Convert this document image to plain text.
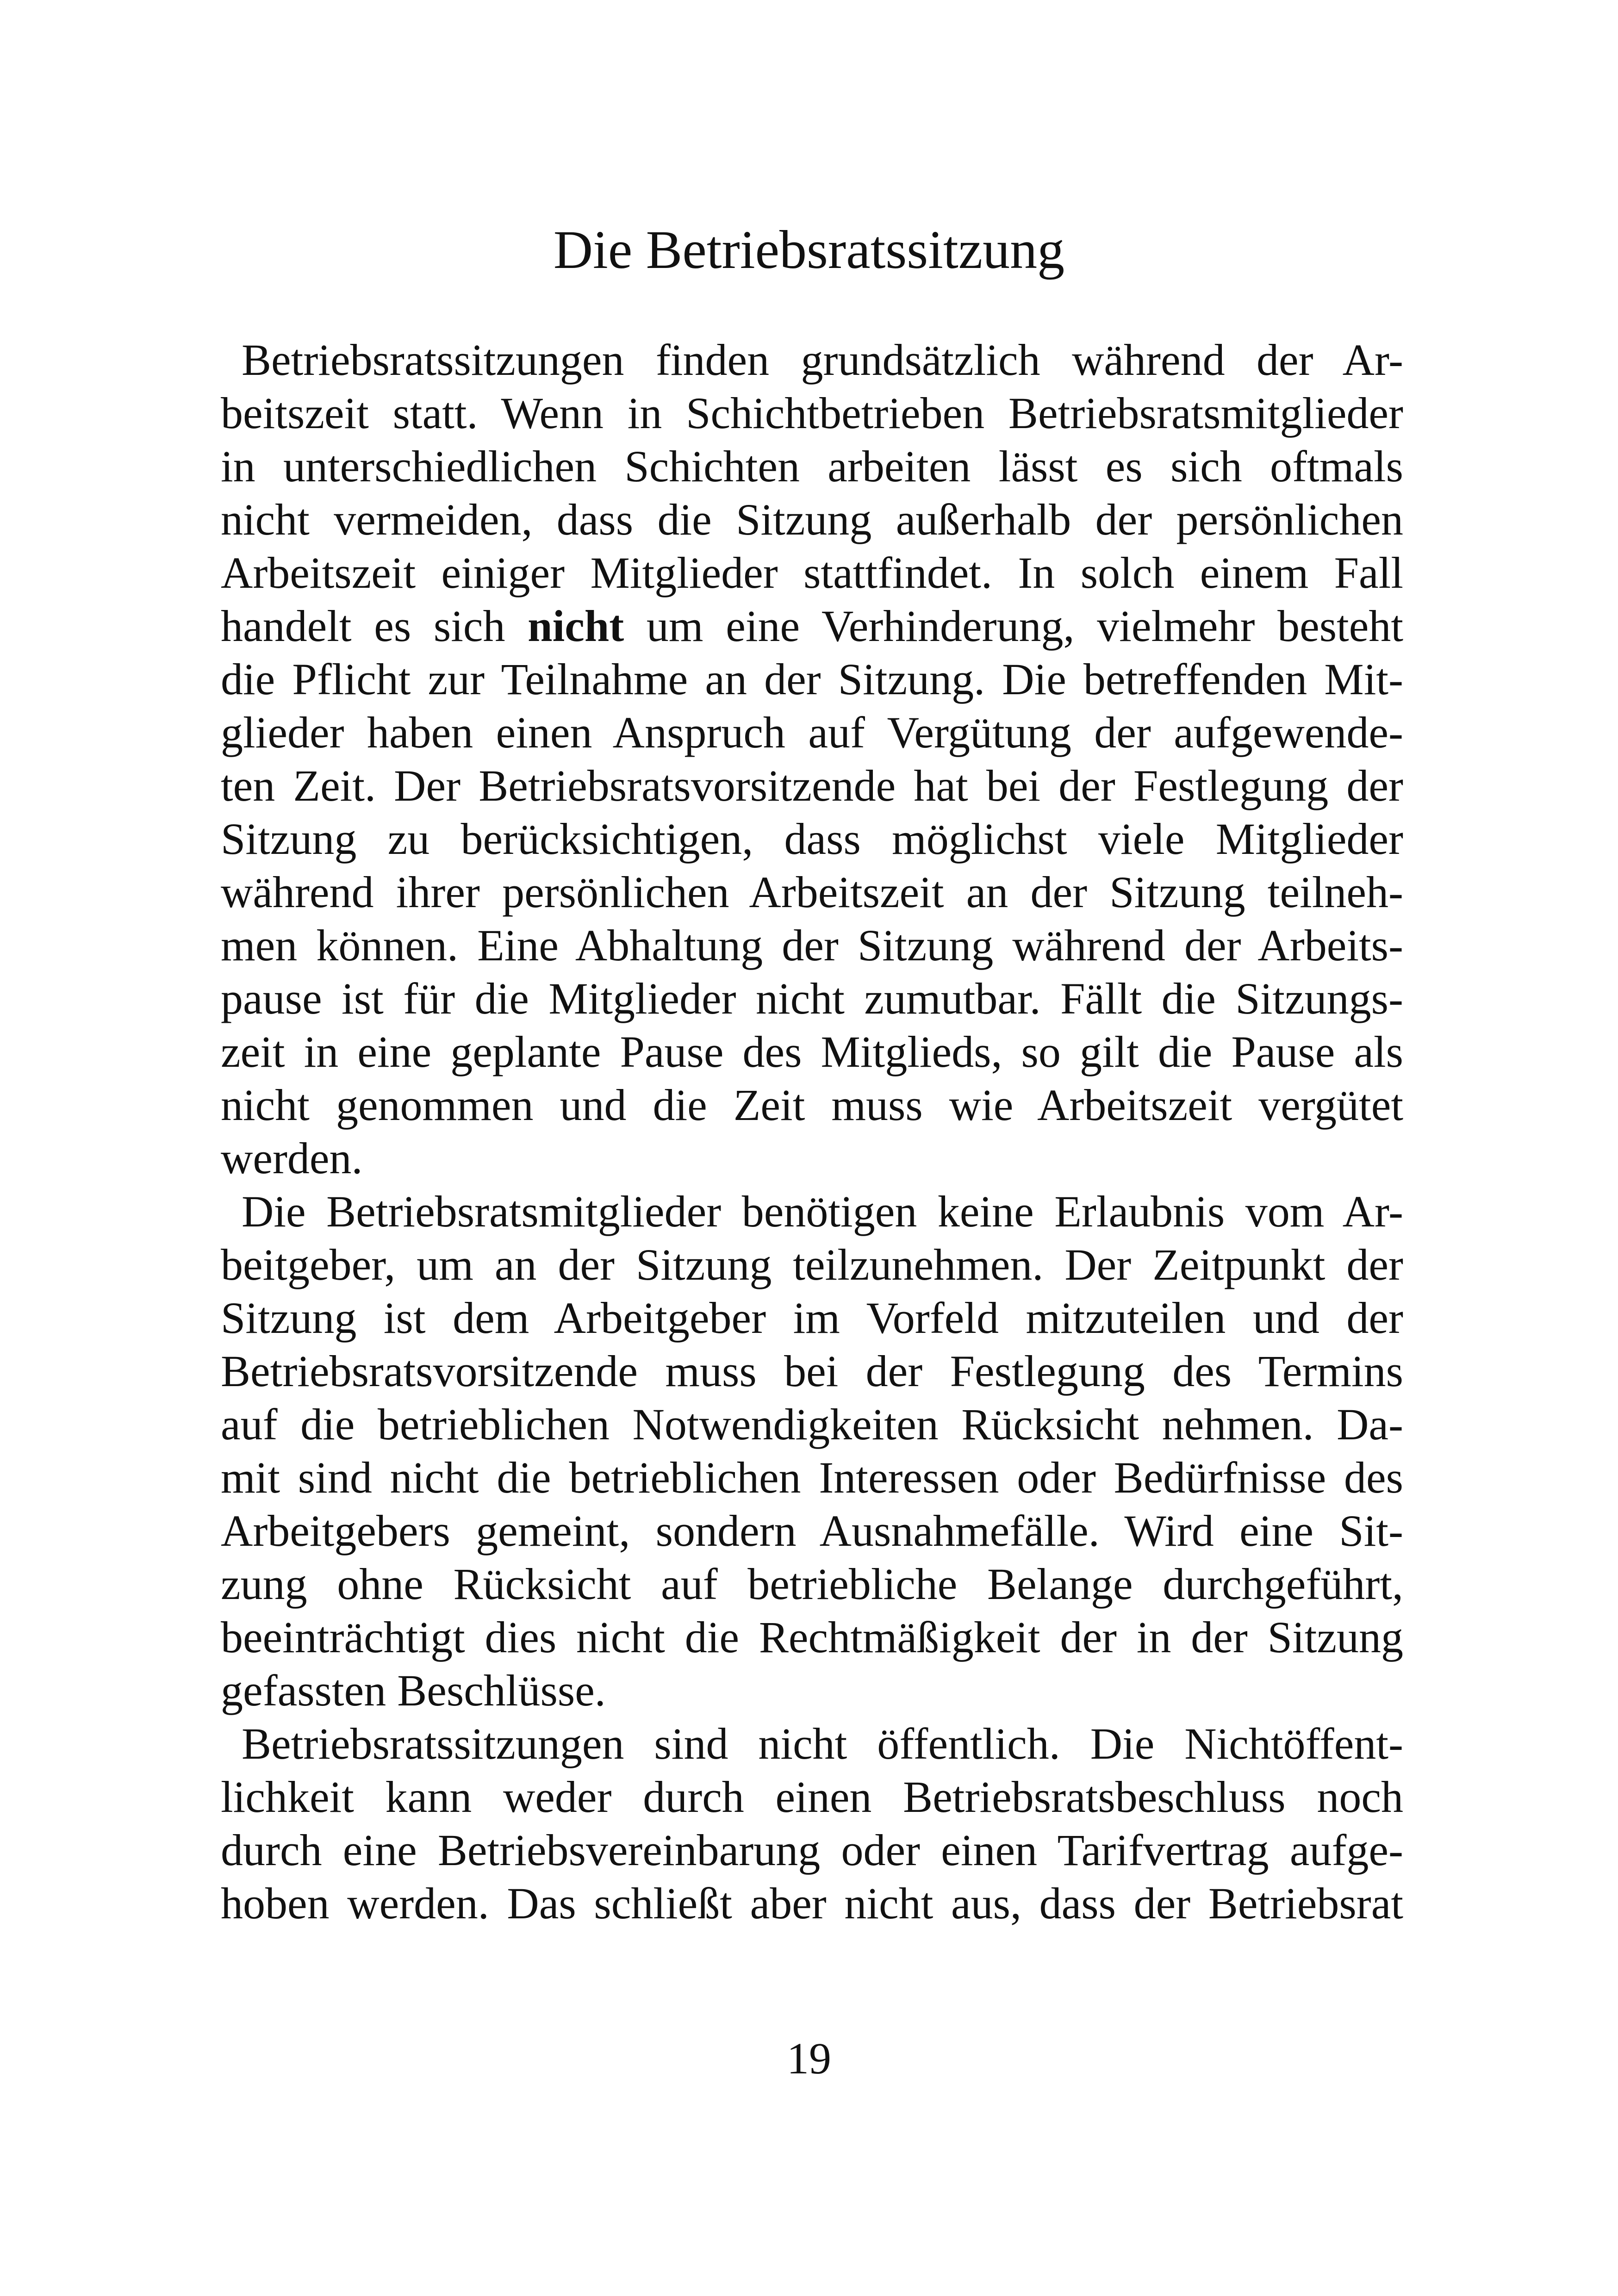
Die Betriebsratssitzung
Betriebsratssitzungen finden grundsätzlich während der Ar-
beitszeit statt. Wenn in Schichtbetrieben Betriebsratsmitglieder
in unterschiedlichen Schichten arbeiten lässt es sich oftmals
nicht vermeiden, dass die Sitzung außerhalb der persönlichen
Arbeitszeit einiger Mitglieder stattfindet. In solch einem Fall
handelt es sich nicht um eine Verhinderung, vielmehr besteht
die Pflicht zur Teilnahme an der Sitzung. Die betreffenden Mit-
glieder haben einen Anspruch auf Vergütung der aufgewende-
ten Zeit. Der Betriebsratsvorsitzende hat bei der Festlegung der
Sitzung zu berücksichtigen, dass möglichst viele Mitglieder
während ihrer persönlichen Arbeitszeit an der Sitzung teilneh-
men können. Eine Abhaltung der Sitzung während der Arbeits-
pause ist für die Mitglieder nicht zumutbar. Fällt die Sitzungs-
zeit in eine geplante Pause des Mitglieds, so gilt die Pause als
nicht genommen und die Zeit muss wie Arbeitszeit vergütet
werden.
Die Betriebsratsmitglieder benötigen keine Erlaubnis vom Ar-
beitgeber, um an der Sitzung teilzunehmen. Der Zeitpunkt der
Sitzung ist dem Arbeitgeber im Vorfeld mitzuteilen und der
Betriebsratsvorsitzende muss bei der Festlegung des Termins
auf die betrieblichen Notwendigkeiten Rücksicht nehmen. Da-
mit sind nicht die betrieblichen Interessen oder Bedürfnisse des
Arbeitgebers gemeint, sondern Ausnahmefälle. Wird eine Sit-
zung ohne Rücksicht auf betriebliche Belange durchgeführt,
beeinträchtigt dies nicht die Rechtmäßigkeit der in der Sitzung
gefassten Beschlüsse.
Betriebsratssitzungen sind nicht öffentlich. Die Nichtöffent-
lichkeit kann weder durch einen Betriebsratsbeschluss noch
durch eine Betriebsvereinbarung oder einen Tarifvertrag aufge-
hoben werden. Das schließt aber nicht aus, dass der Betriebsrat
19
